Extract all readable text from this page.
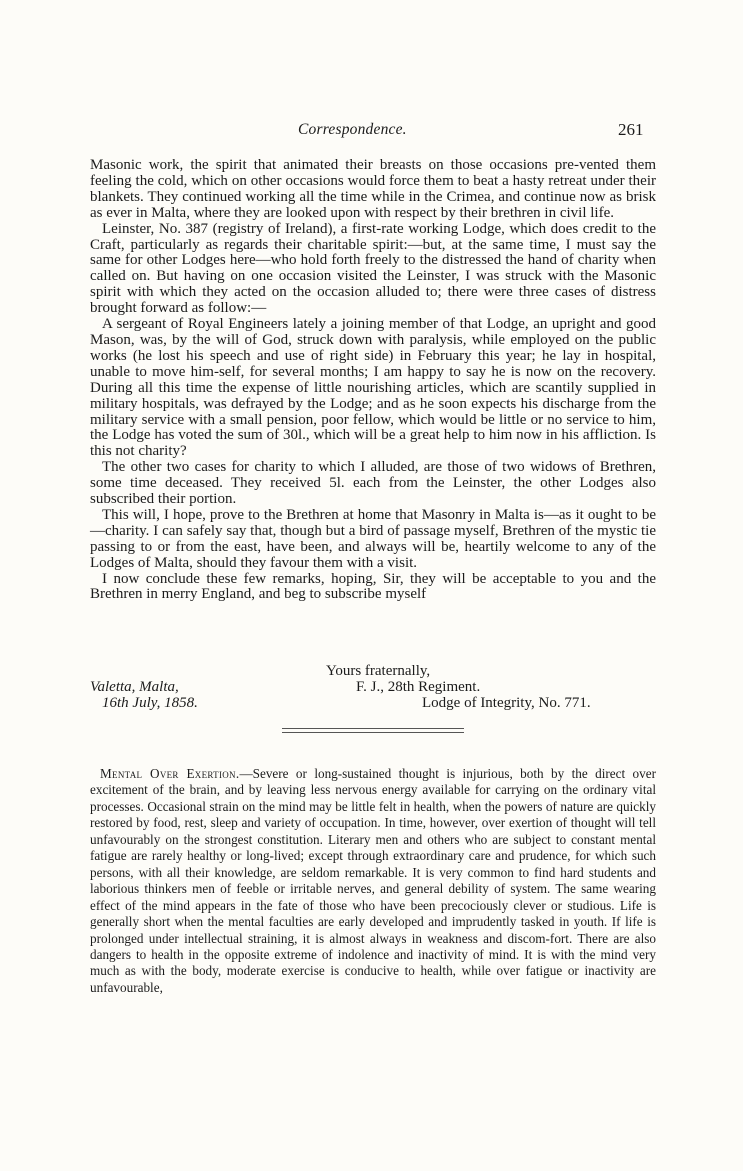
Correspondence.	261

Masonic work, the spirit that animated their breasts on those occasions pre-vented them feeling the cold, which on other occasions would force them to beat a hasty retreat under their blankets. They continued working all the time while in the Crimea, and continue now as brisk as ever in Malta, where they are looked upon with respect by their brethren in civil life.

Leinster, No. 387 (registry of Ireland), a first-rate working Lodge, which does credit to the Craft, particularly as regards their charitable spirit:—but, at the same time, I must say the same for other Lodges here—who hold forth freely to the distressed the hand of charity when called on. But having on one occasion visited the Leinster, I was struck with the Masonic spirit with which they acted on the occasion alluded to; there were three cases of distress brought forward as follow:—

A sergeant of Royal Engineers lately a joining member of that Lodge, an upright and good Mason, was, by the will of God, struck down with paralysis, while employed on the public works (he lost his speech and use of right side) in February this year; he lay in hospital, unable to move him-self, for several months; I am happy to say he is now on the recovery. During all this time the expense of little nourishing articles, which are scantily supplied in military hospitals, was defrayed by the Lodge; and as he soon expects his discharge from the military service with a small pension, poor fellow, which would be little or no service to him, the Lodge has voted the sum of 30l., which will be a great help to him now in his affliction. Is this not charity?

The other two cases for charity to which I alluded, are those of two widows of Brethren, some time deceased. They received 5l. each from the Leinster, the other Lodges also subscribed their portion.

This will, I hope, prove to the Brethren at home that Masonry in Malta is—as it ought to be—charity. I can safely say that, though but a bird of passage myself, Brethren of the mystic tie passing to or from the east, have been, and always will be, heartily welcome to any of the Lodges of Malta, should they favour them with a visit.

I now conclude these few remarks, hoping, Sir, they will be acceptable to you and the Brethren in merry England, and beg to subscribe myself

Yours fraternally,
Valetta, Malta,	F. J., 28th Regiment.
16th July, 1858.	Lodge of Integrity, No. 771.

Mental Over Exertion.—Severe or long-sustained thought is injurious, both by the direct over excitement of the brain, and by leaving less nervous energy available for carrying on the ordinary vital processes. Occasional strain on the mind may be little felt in health, when the powers of nature are quickly restored by food, rest, sleep and variety of occupation. In time, however, over exertion of thought will tell unfavourably on the strongest constitution. Literary men and others who are subject to constant mental fatigue are rarely healthy or long-lived; except through extraordinary care and prudence, for which such persons, with all their knowledge, are seldom remarkable. It is very common to find hard students and laborious thinkers men of feeble or irritable nerves, and general debility of system. The same wearing effect of the mind appears in the fate of those who have been precociously clever or studious. Life is generally short when the mental faculties are early developed and imprudently tasked in youth. If life is prolonged under intellectual straining, it is almost always in weakness and discom-fort. There are also dangers to health in the opposite extreme of indolence and inactivity of mind. It is with the mind very much as with the body, moderate exercise is conducive to health, while over fatigue or inactivity are unfavourable,
